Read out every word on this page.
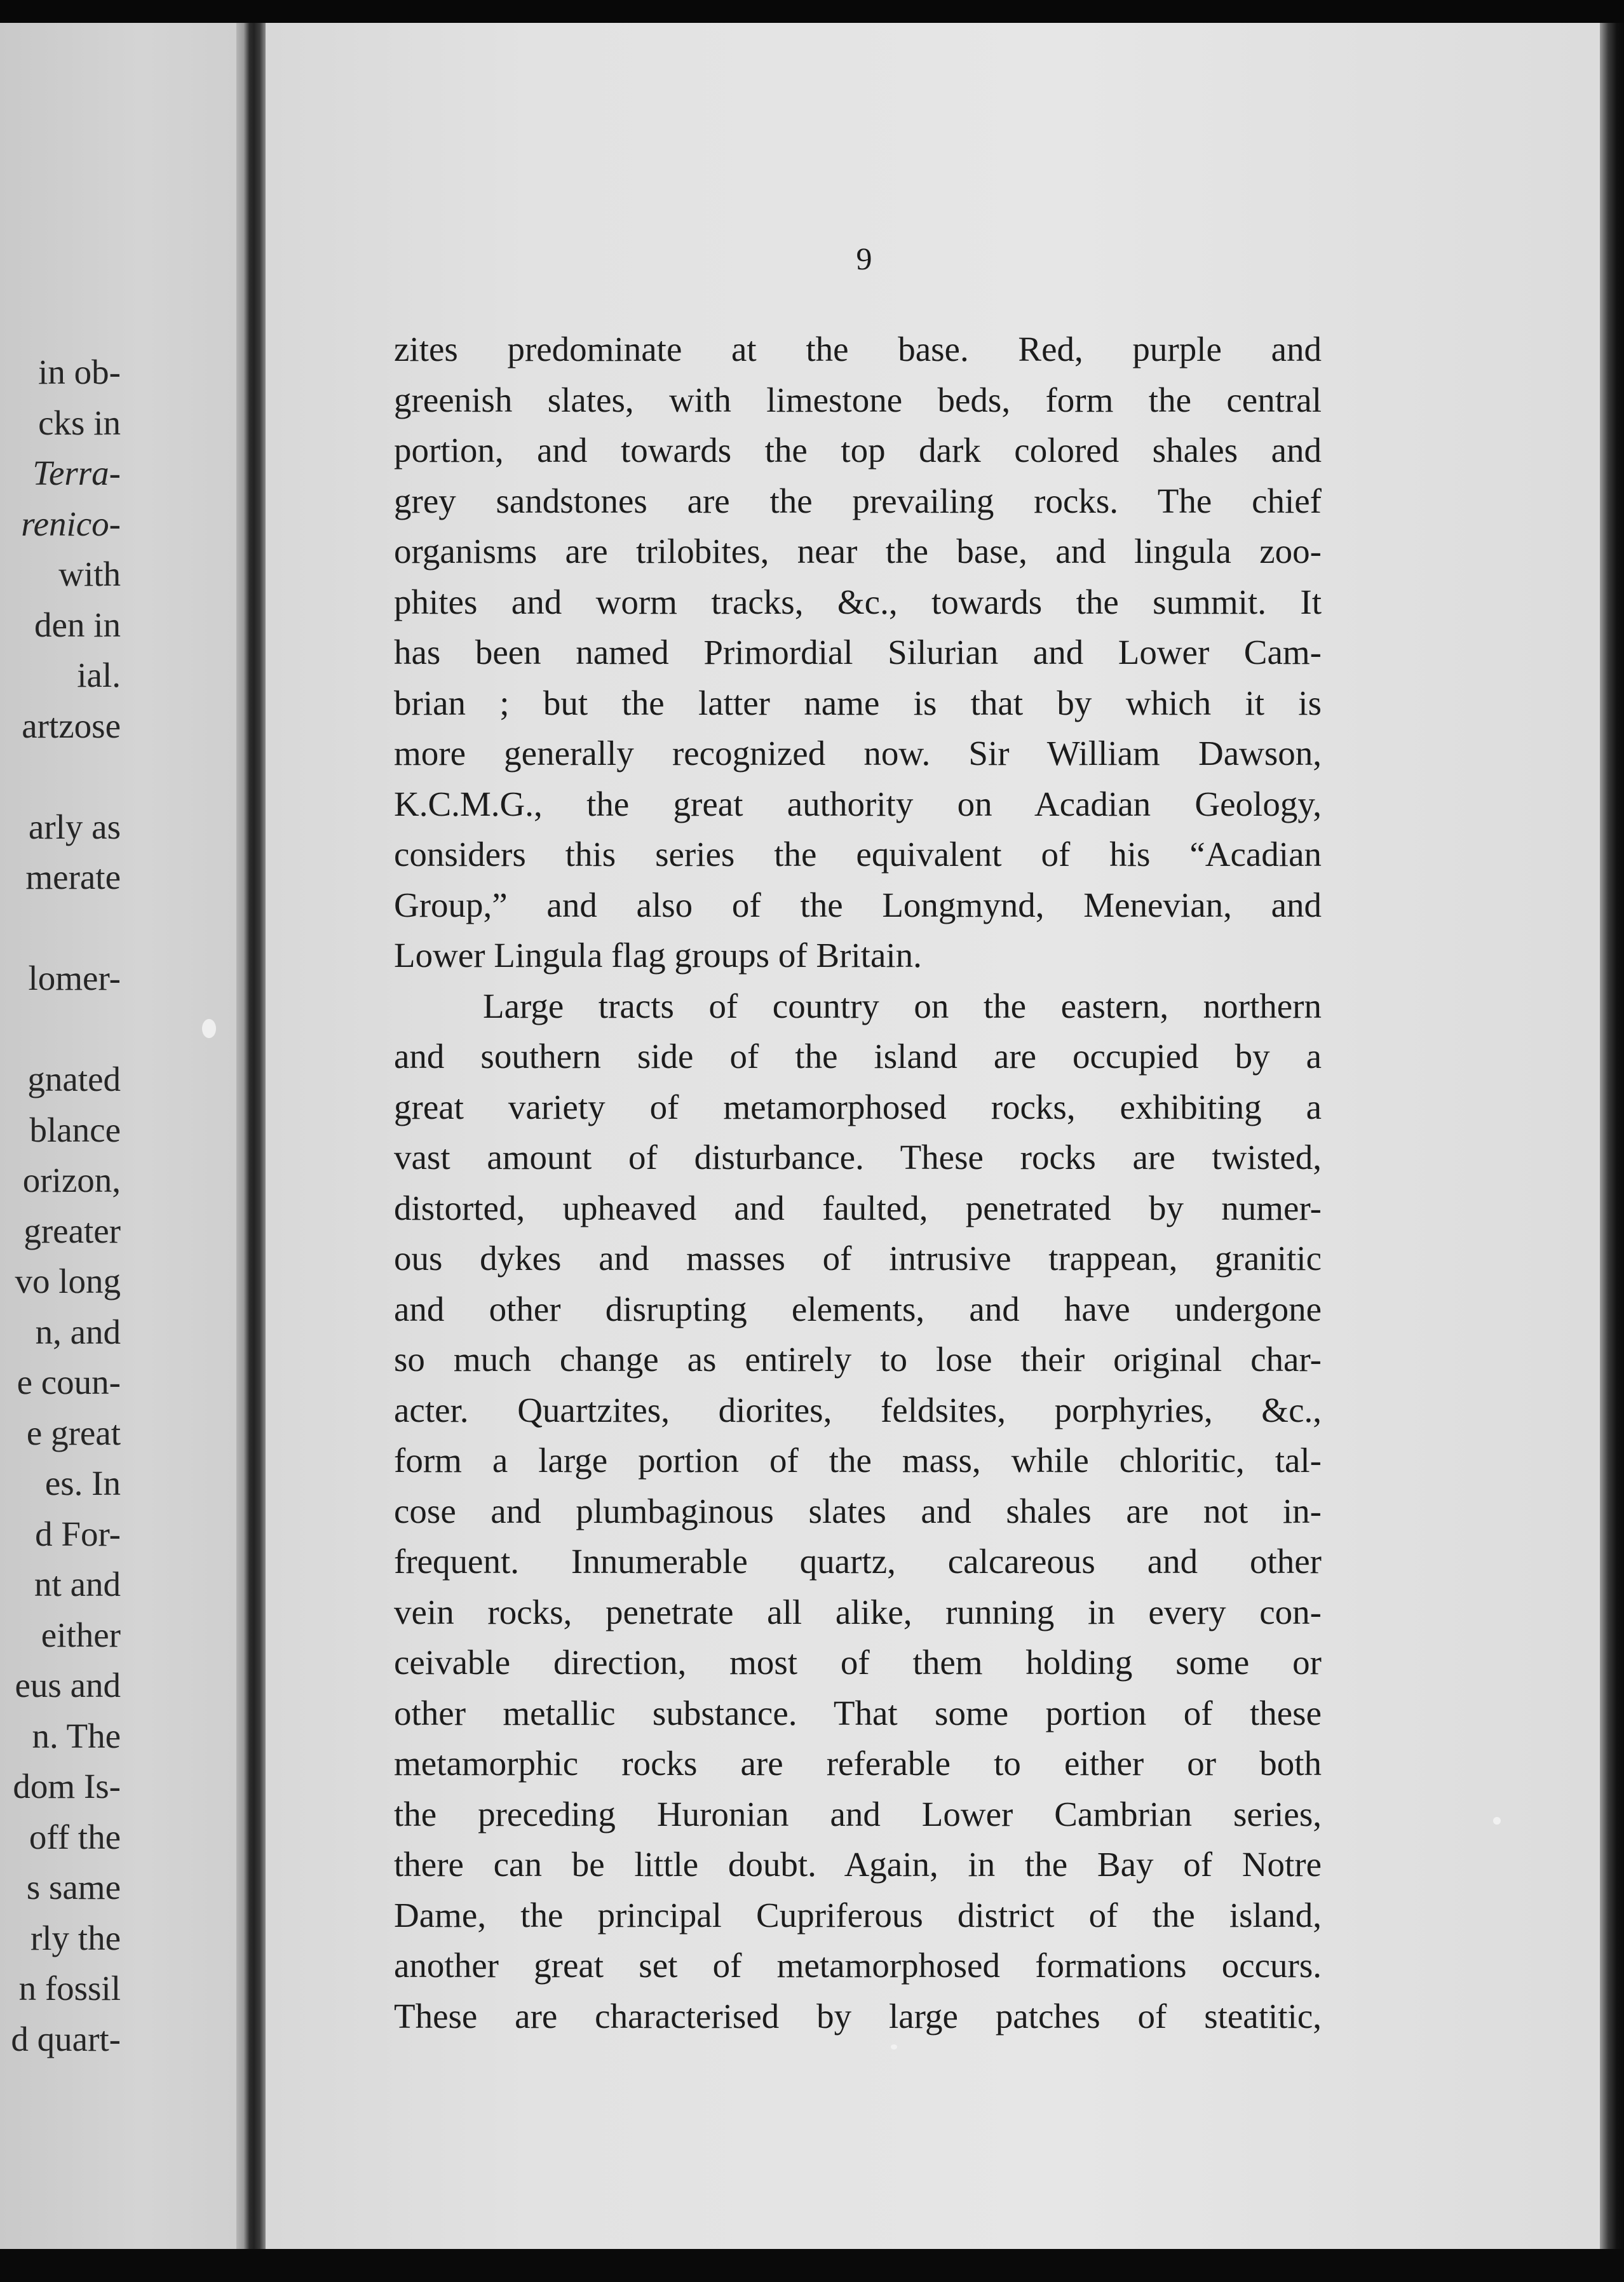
in ob-
cks in
Terra-
renico-
with
den in
ial.
artzose
arly as
merate
lomer-
gnated
blance
orizon,
greater
vo long
n, and
e coun-
e great
es. In
d For-
nt and
either
eus and
n. The
dom Is-
off the
s same
rly the
n fossil
d quart-
9
zites predominate at the base. Red, purple and
greenish slates, with limestone beds, form the central
portion, and towards the top dark colored shales and
grey sandstones are the prevailing rocks. The chief
organisms are trilobites, near the base, and lingula zoo-
phites and worm tracks, &c., towards the summit. It
has been named Primordial Silurian and Lower Cam-
brian ; but the latter name is that by which it is
more generally recognized now. Sir William Dawson,
K.C.M.G., the great authority on Acadian Geology,
considers this series the equivalent of his “Acadian
Group,” and also of the Longmynd, Menevian, and
Lower Lingula flag groups of Britain.
Large tracts of country on the eastern, northern
and southern side of the island are occupied by a
great variety of metamorphosed rocks, exhibiting a
vast amount of disturbance. These rocks are twisted,
distorted, upheaved and faulted, penetrated by numer-
ous dykes and masses of intrusive trappean, granitic
and other disrupting elements, and have undergone
so much change as entirely to lose their original char-
acter. Quartzites, diorites, feldsites, porphyries, &c.,
form a large portion of the mass, while chloritic, tal-
cose and plumbaginous slates and shales are not in-
frequent. Innumerable quartz, calcareous and other
vein rocks, penetrate all alike, running in every con-
ceivable direction, most of them holding some or
other metallic substance. That some portion of these
metamorphic rocks are referable to either or both
the preceding Huronian and Lower Cambrian series,
there can be little doubt. Again, in the Bay of Notre
Dame, the principal Cupriferous district of the island,
another great set of metamorphosed formations occurs.
These are characterised by large patches of steatitic,
